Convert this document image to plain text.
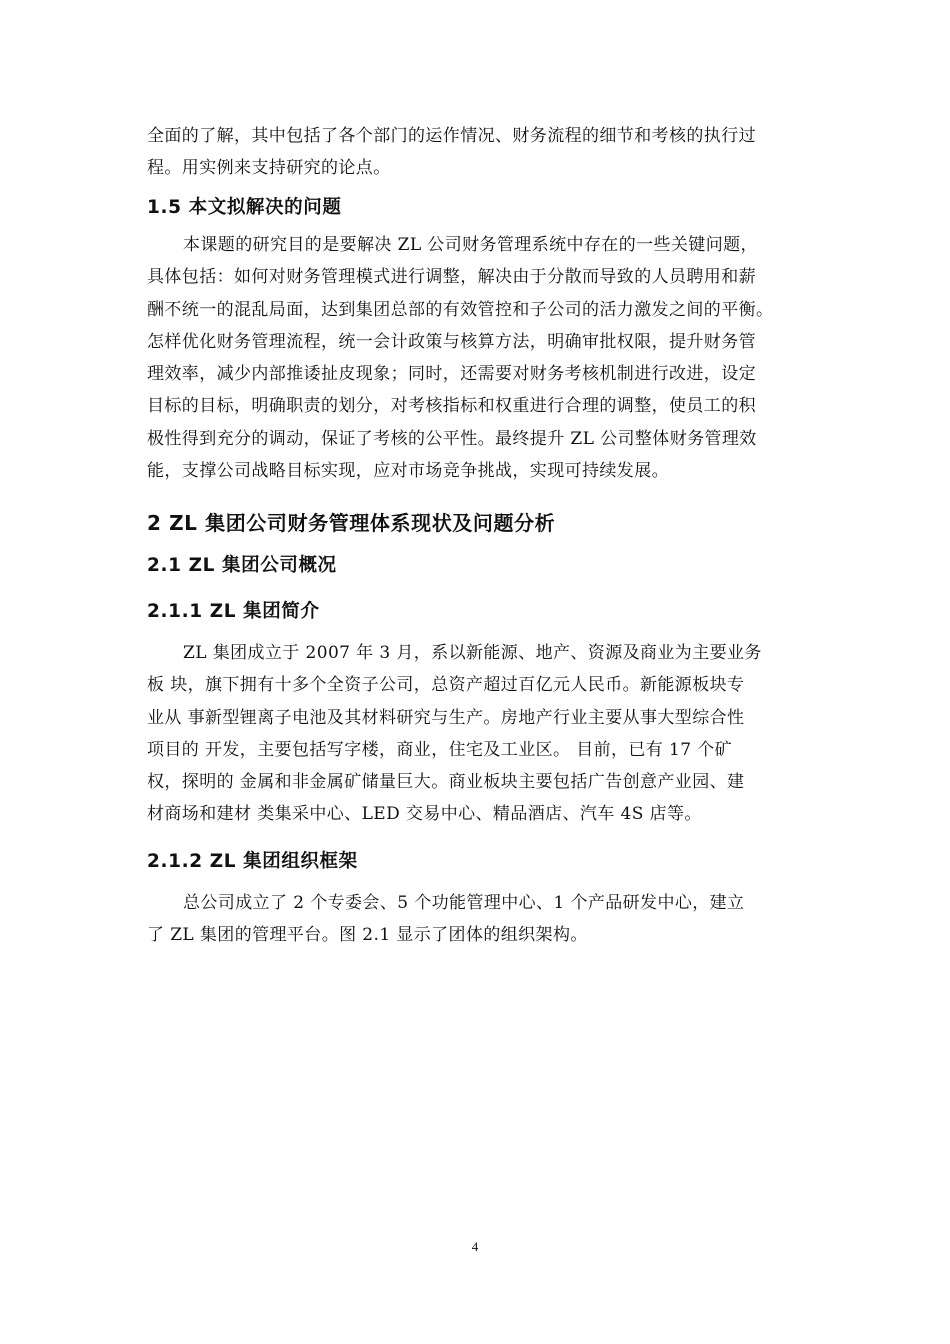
全面的了解，其中包括了各个部门的运作情况、财务流程的细节和考核的执行过
程。用实例来支持研究的论点。

1.5 本文拟解决的问题

本课题的研究目的是要解决 ZL 公司财务管理系统中存在的一些关键问题，
具体包括：如何对财务管理模式进行调整，解决由于分散而导致的人员聘用和薪
酬不统一的混乱局面，达到集团总部的有效管控和子公司的活力激发之间的平衡。
怎样优化财务管理流程，统一会计政策与核算方法，明确审批权限，提升财务管
理效率，减少内部推诿扯皮现象；同时，还需要对财务考核机制进行改进，设定
目标的目标，明确职责的划分，对考核指标和权重进行合理的调整，使员工的积
极性得到充分的调动，保证了考核的公平性。最终提升 ZL 公司整体财务管理效
能，支撑公司战略目标实现，应对市场竞争挑战，实现可持续发展。

2 ZL 集团公司财务管理体系现状及问题分析
2.1 ZL 集团公司概况
2.1.1 ZL 集团简介

ZL 集团成立于 2007 年 3 月，系以新能源、地产、资源及商业为主要业务
板 块，旗下拥有十多个全资子公司，总资产超过百亿元人民币。新能源板块专
业从 事新型锂离子电池及其材料研究与生产。房地产行业主要从事大型综合性
项目的 开发，主要包括写字楼，商业，住宅及工业区。 目前，已有 17 个矿
权，探明的 金属和非金属矿储量巨大。商业板块主要包括广告创意产业园、建
材商场和建材 类集采中心、LED 交易中心、精品酒店、汽车 4S 店等。

2.1.2 ZL 集团组织框架

总公司成立了 2 个专委会、5 个功能管理中心、1 个产品研发中心，建立
了 ZL 集团的管理平台。图 2.1 显示了团体的组织架构。

4
